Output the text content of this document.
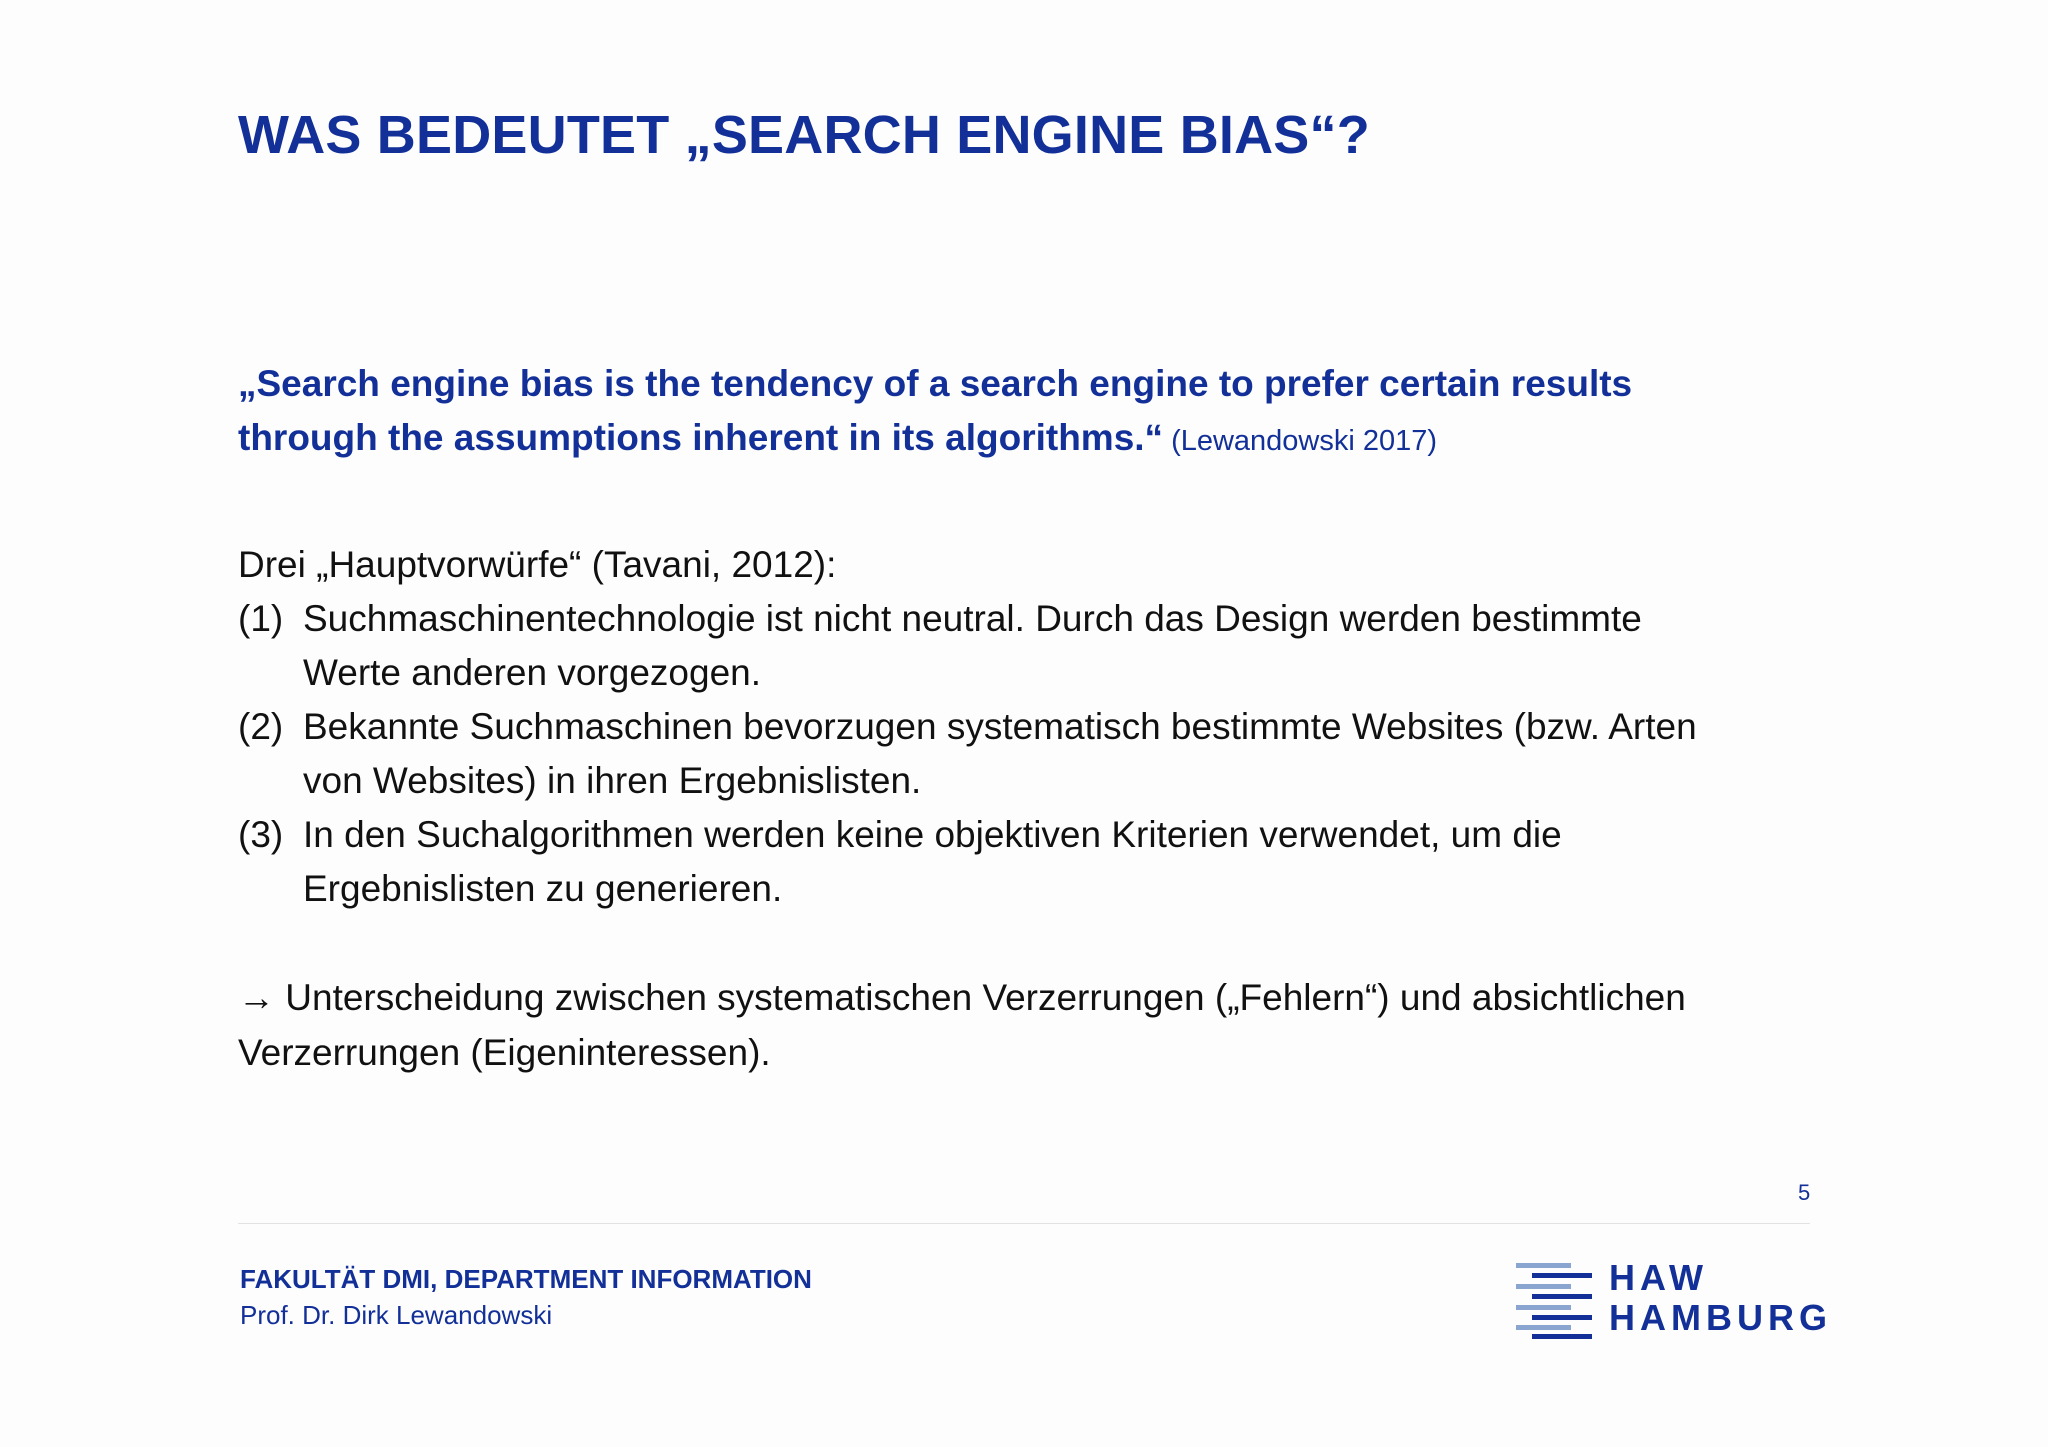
WAS BEDEUTET „SEARCH ENGINE BIAS“?

„Search engine bias is the tendency of a search engine to prefer certain results
through the assumptions inherent in its algorithms.“ (Lewandowski 2017)

Drei „Hauptvorwürfe“ (Tavani, 2012):

(1) Suchmaschinentechnologie ist nicht neutral. Durch das Design werden bestimmte
Werte anderen vorgezogen.
(2) Bekannte Suchmaschinen bevorzugen systematisch bestimmte Websites (bzw. Arten
von Websites) in ihren Ergebnislisten.
(3) In den Suchalgorithmen werden keine objektiven Kriterien verwendet, um die
Ergebnislisten zu generieren.

→ Unterscheidung zwischen systematischen Verzerrungen („Fehlern“) und absichtlichen
Verzerrungen (Eigeninteressen).

5
FAKULTÄT DMI, DEPARTMENT INFORMATION
Prof. Dr. Dirk Lewandowski
HAW
HAMBURG
